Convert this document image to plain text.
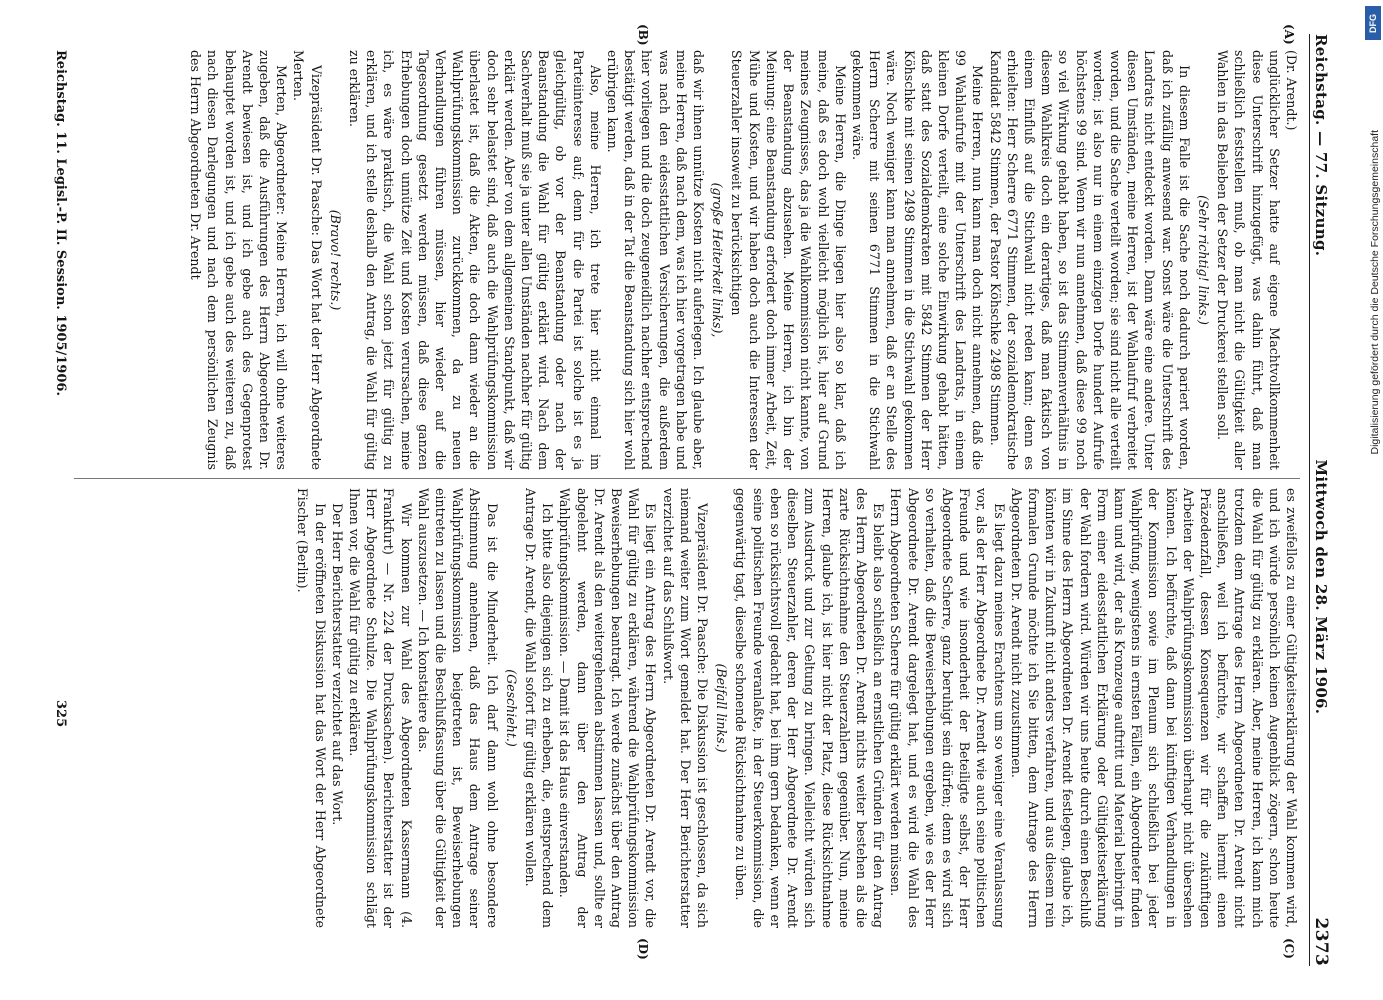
Reichstag. — 77. Sitzung.
Mittwoch den 28. März 1906.
2373
(A)
(B)
(C)
(D)

(Dr. Arendt.)

unglücklicher Setzer hatte auf eigene Machtvollkommenheit diese Unterschrift hinzugefügt, was dahin führt, daß man schließlich feststellen muß, ob man nicht die Gültigkeit aller Wahlen in das Belieben der Setzer der Druckerei stellen soll.

(Sehr richtig! links.)

In diesem Falle ist die Sache noch dadurch pariert worden, daß ich zufällig anwesend war. Sonst wäre die Unterschrift des Landrats nicht entdeckt worden. Dann wäre eine andere. Unter diesen Umständen, meine Herren, ist der Wahlaufruf verbreitet worden, und die Sache verteilt worden; sie sind nicht alle verteilt worden; ist also nur in einem einzigen Dorfe hundert Aufrufe höchstens 99 sind. Wenn wir nun annehmen, daß diese 99 noch so viel Wirkung gehabt haben, so ist das Stimmenverhältnis in diesem Wahlkreis doch ein derartiges, daß man faktisch von einem Einfluß auf die Stichwahl nicht reden kann; denn es erhielten: Herr Scherre 6771 Stimmen, der sozialdemokratische Kandidat 5842 Stimmen, der Pastor Köhschke 2498 Stimmen.

Meine Herren, nun kann man doch nicht annehmen, daß die 99 Wahlaufrufe mit der Unterschrift des Landrats, in einem kleinen Dorfe verteilt, eine solche Einwirkung gehabt hätten, daß statt des Sozialdemokraten mit 5842 Stimmen der Herr Köhschke mit seinen 2498 Stimmen in die Stichwahl gekommen wäre. Noch weniger kann man annehmen, daß er an Stelle des Herrn Scherre mit seinen 6771 Stimmen in die Stichwahl gekommen wäre.

Meine Herren, die Dinge liegen hier also so klar, daß ich meine, daß es doch wohl vielleicht möglich ist, hier auf Grund meines Zeugnisses, das ja die Wahlkommission nicht kannte, von der Beanstandung abzusehen. Meine Herren, ich bin der Meinung: eine Beanstandung erfordert doch immer Arbeit, Zeit, Mühe und Kosten, und wir haben doch auch die Interessen der Steuerzahler insoweit zu berücksichtigen

(große Heiterkeit links),

daß wir ihnen unnütze Kosten nicht auferlegen. Ich glaube aber, meine Herren, daß nach dem, was ich hier vorgetragen habe und was nach den eidesstattlichen Versicherungen, die außerdem hier vorliegen und die doch zeugeneidlich nachher entsprechend bestätigt werden, daß in der Tat die Beanstandung sich hier wohl erübrigen kann.

Also, meine Herren, ich trete hier nicht einmal im Parteiinteresse auf; denn für die Partei ist solche ist es ja gleichgültig, ob vor der Beanstandung oder nach der Beanstandung die Wahl für gültig erklärt wird. Nach dem Sachverhalt muß sie ja unter allen Umständen nachher für gültig erklärt werden. Aber von dem allgemeinen Standpunkt, daß wir doch sehr belastet sind, daß auch die Wahlprüfungskommission überlastet ist, daß die Akten, die doch dann wieder an die Wahlprüfungskommission zurückkommen, da zu neuen Verhandlungen führen müssen, hier wieder auf die Tagesordnung gesetzt werden müssen, daß diese ganzen Erhebungen doch unnütze Zeit und Kosten verursachen, meine ich, es wäre praktisch, die Wahl schon jetzt für gültig zu erklären, und ich stelle deshalb den Antrag, die Wahl für gültig zu erklären.

(Bravo! rechts.)

Vizepräsident Dr. Paasche: Das Wort hat der Herr Abgeordnete Merten.

Merten, Abgeordneter: Meine Herren, ich will ohne weiteres zugeben, daß die Ausführungen des Herrn Abgeordneten Dr. Arendt bewiesen ist, und ich gebe auch des Gegenprotest behauptet worden ist, und ich gebe auch des weiteren zu, daß nach diesen Darlegungen und nach dem persönlichen Zeugnis des Herrn Abgeordneten Dr. Arendt

es zweifellos zu einer Gültigkeitserklärung der Wahl kommen wird, und ich würde persönlich keinen Augenblick zögern, schon heute die Wahl für gültig zu erklären. Aber, meine Herren, ich kann mich trotzdem dem Antrage des Herrn Abgeordneten Dr. Arendt nicht anschließen, weil ich befürchte, wir schaffen hiermit einen Präzedenzfall, dessen Konsequenzen wir für die zukünftigen Arbeiten der Wahlprüfungskommission überhaupt nicht übersehen können. Ich befürchte, daß dann bei künftigen Verhandlungen in der Kommission sowie im Plenum sich schließlich bei jeder Wahlprüfung, wenigstens in ernsten Fällen, ein Abgeordneter finden kann und wird, der als Kronzeuge auftritt und Material beibringt in Form einer eidesstattlichen Erklärung oder Gültigkeitserklärung der Wahl fordern wird. Würden wir uns heute durch einen Beschluß im Sinne des Herrn Abgeordneten Dr. Arendt festlegen, glaube ich, könnten wir in Zukunft nicht anders verfahren, und aus diesem rein formalen Grunde möchte ich Sie bitten, dem Antrage des Herrn Abgeordneten Dr. Arendt nicht zuzustimmen.

Es liegt dazu meines Erachtens um so weniger eine Veranlassung vor, als der Herr Abgeordnete Dr. Arendt wie auch seine politischen Freunde und wie insonderheit der Beteiligte selbst, der Herr Abgeordnete Scherre, ganz beruhigt sein dürfen; denn es wird sich so verhalten, daß die Beweiserhebungen ergeben, wie es der Herr Abgeordnete Dr. Arendt dargelegt hat, und es wird die Wahl des Herrn Abgeordneten Scherre für gültig erklärt werden müssen.

Es bleibt also schließlich an ernstlichen Gründen für den Antrag des Herrn Abgeordneten Dr. Arendt nichts weiter bestehen als die zarte Rücksichtnahme den Steuerzahlern gegenüber. Nun, meine Herren, glaube ich, ist hier nicht der Platz, diese Rücksichtnahme zum Ausdruck und zur Geltung zu bringen. Vielleicht würden sich dieselben Steuerzahler, deren der Herr Abgeordnete Dr. Arendt eben so rücksichtsvoll gedacht hat, bei ihm gern bedanken, wenn er seine politischen Freunde veranlaßte, in der Steuerkommission, die gegenwärtig tagt, dieselbe schonende Rücksichtnahme zu üben.

(Beifall links.)

Vizepräsident Dr. Paasche: Die Diskussion ist geschlossen, da sich niemand weiter zum Wort gemeldet hat. Der Herr Berichterstatter verzichtet auf das Schlußwort.

Es liegt ein Antrag des Herrn Abgeordneten Dr. Arendt vor, die Wahl für gültig zu erklären, während die Wahlprüfungskommission Beweiserhebungen beantragt. Ich werde zunächst über den Antrag Dr. Arendt als den weitergehenden abstimmen lassen und, sollte er abgelehnt werden, dann über den Antrag der Wahlprüfungskommission. — Damit ist das Haus einverstanden.

Ich bitte also diejenigen sich zu erheben, die, entsprechend dem Antrage Dr. Arendt, die Wahl sofort für gültig erklären wollen.

(Geschieht.)

Das ist die Minderheit. Ich darf dann wohl ohne besondere Abstimmung annehmen, daß das Haus dem Antrage seiner Wahlprüfungskommission beigetreten ist, Beweiserhebungen eintreten zu lassen und die Beschlußfassung über die Gültigkeit der Wahl auszusetzen. — Ich konstatiere das.

Wir kommen zur Wahl des Abgeordneten Kassermann (4. Frankfurt) — Nr. 224 der Drucksachen). Berichterstatter ist der Herr Abgeordnete Schulze. Die Wahlprüfungskommission schlägt Ihnen vor, die Wahl für gültig zu erklären.

Der Herr Berichterstatter verzichtet auf das Wort.

In der eröffneten Diskussion hat das Wort der Herr Abgeordnete Fischer (Berlin).

Reichstag. 11. Legisl.-P. II. Session. 1905/1906.
325
DFG
Digitalisierung gefördert durch die Deutsche Forschungsgemeinschaft
